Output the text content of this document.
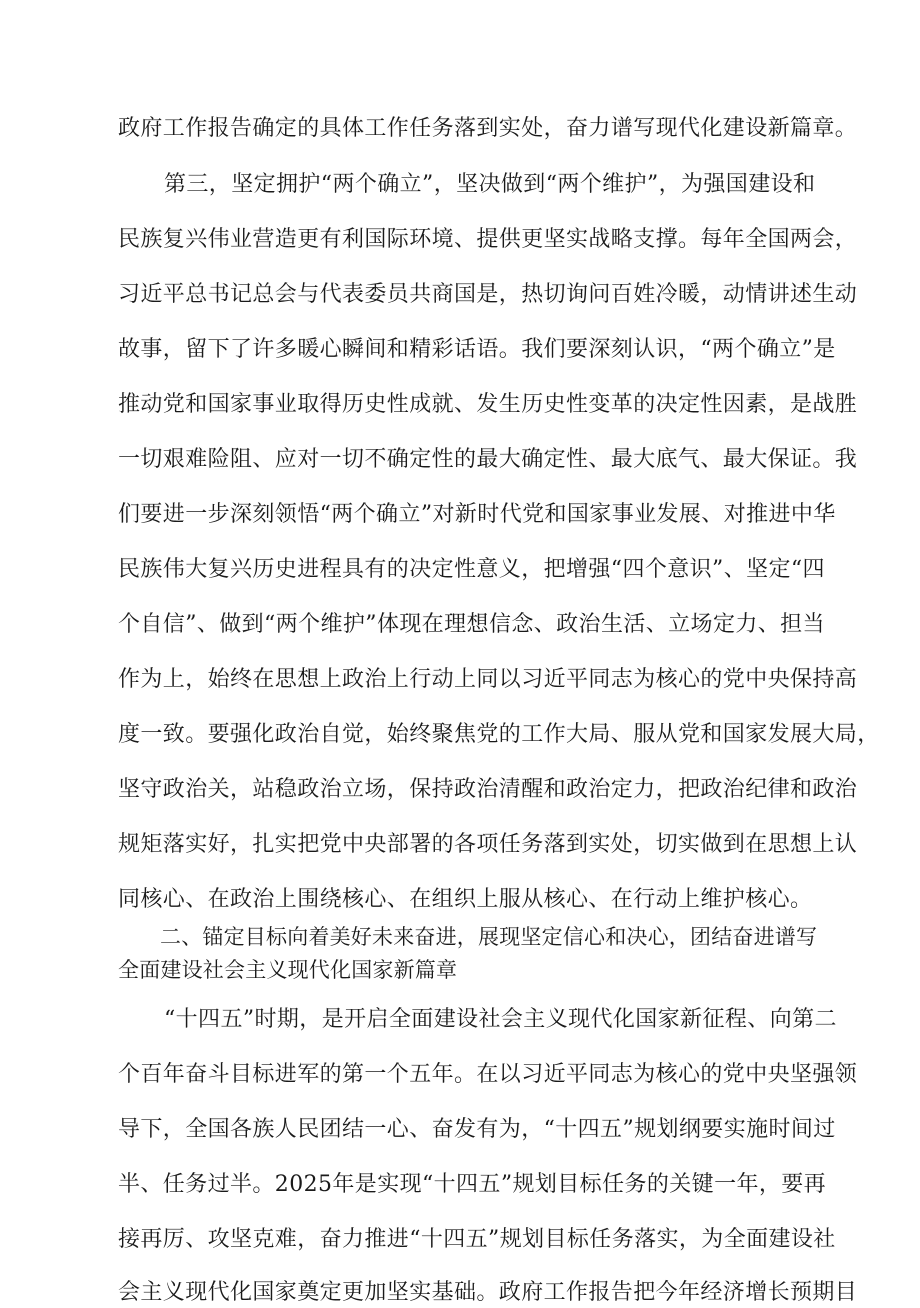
政府工作报告确定的具体工作任务落到实处，奋力谱写现代化建设新篇章。
第三，坚定拥护“两个确立”，坚决做到“两个维护”，为强国建设和
民族复兴伟业营造更有利国际环境、提供更坚实战略支撑。每年全国两会，
习近平总书记总会与代表委员共商国是，热切询问百姓冷暖，动情讲述生动
故事，留下了许多暖心瞬间和精彩话语。我们要深刻认识，“两个确立”是
推动党和国家事业取得历史性成就、发生历史性变革的决定性因素，是战胜
一切艰难险阻、应对一切不确定性的最大确定性、最大底气、最大保证。我
们要进一步深刻领悟“两个确立”对新时代党和国家事业发展、对推进中华
民族伟大复兴历史进程具有的决定性意义，把增强“四个意识”、坚定“四
个自信”、做到“两个维护”体现在理想信念、政治生活、立场定力、担当
作为上，始终在思想上政治上行动上同以习近平同志为核心的党中央保持高
度一致。要强化政治自觉，始终聚焦党的工作大局、服从党和国家发展大局，
坚守政治关，站稳政治立场，保持政治清醒和政治定力，把政治纪律和政治
规矩落实好，扎实把党中央部署的各项任务落到实处，切实做到在思想上认
同核心、在政治上围绕核心、在组织上服从核心、在行动上维护核心。
二、锚定目标向着美好未来奋进，展现坚定信心和决心，团结奋进谱写
全面建设社会主义现代化国家新篇章
“十四五”时期，是开启全面建设社会主义现代化国家新征程、向第二
个百年奋斗目标进军的第一个五年。在以习近平同志为核心的党中央坚强领
导下，全国各族人民团结一心、奋发有为，“十四五”规划纲要实施时间过
半、任务过半。2025年是实现“十四五”规划目标任务的关键一年，要再
接再厉、攻坚克难，奋力推进“十四五”规划目标任务落实，为全面建设社
会主义现代化国家奠定更加坚实基础。政府工作报告把今年经济增长预期目
